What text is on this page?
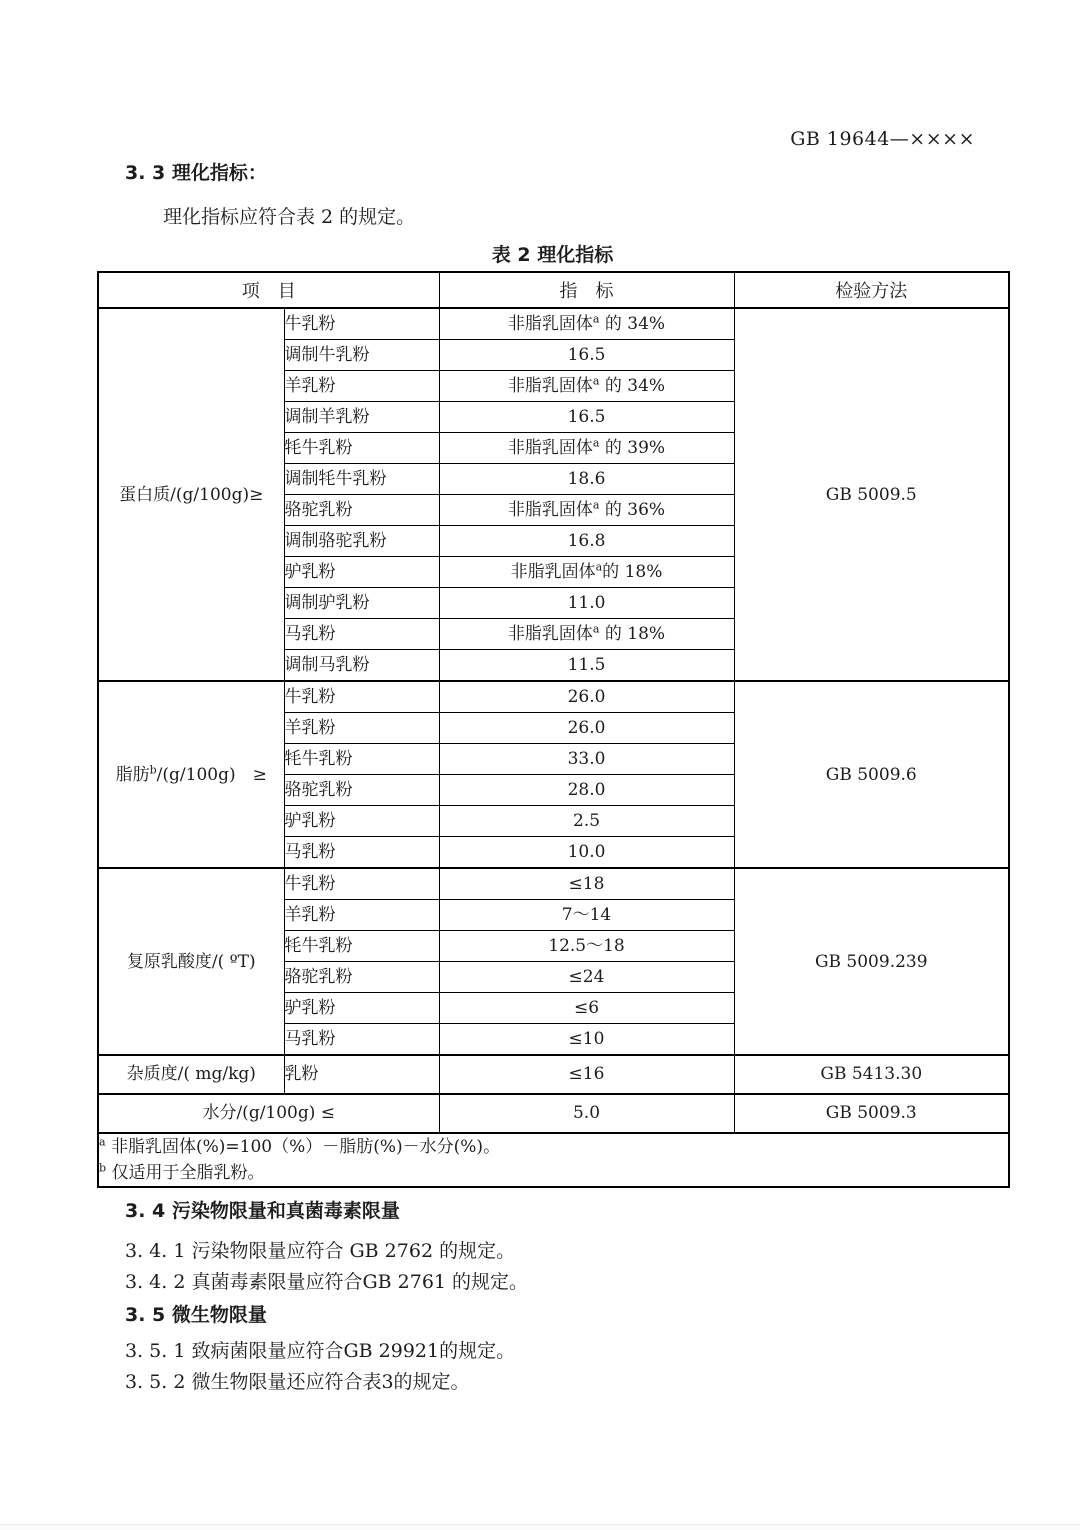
GB 19644—××××
3. 3 理化指标：
理化指标应符合表 2 的规定。
表 2 理化指标
项　目		指　标	检验方法
蛋白质/(g/100g)≥	牛乳粉	非脂乳固体$^a$ 的 34%	GB 5009.5
	调制牛乳粉	16.5	
	羊乳粉	非脂乳固体$^a$ 的 34%	
	调制羊乳粉	16.5	
	牦牛乳粉	非脂乳固体$^a$ 的 39%	
	调制牦牛乳粉	18.6	
	骆驼乳粉	非脂乳固体$^a$ 的 36%	
	调制骆驼乳粉	16.8	
	驴乳粉	非脂乳固体$^a$的 18%	
	调制驴乳粉	11.0	
	马乳粉	非脂乳固体$^a$ 的 18%	
	调制马乳粉	11.5	
脂肪$^b$/(g/100g)　≥	牛乳粉	26.0	GB 5009.6
	羊乳粉	26.0	
	牦牛乳粉	33.0	
	骆驼乳粉	28.0	
	驴乳粉	2.5	
	马乳粉	10.0	
复原乳酸度/( ºT)	牛乳粉	≤18	GB 5009.239
	羊乳粉	7～14	
	牦牛乳粉	12.5～18	
	骆驼乳粉	≤24	
	驴乳粉	≤6	
	马乳粉	≤10	
杂质度/( mg/kg)	乳粉	≤16	GB 5413.30
水分/(g/100g) ≤		5.0	GB 5009.3

$^a$ 非脂乳固体(%)=100（%）－脂肪(%)－水分(%)。
$^b$ 仅适用于全脂乳粉。			
3. 4 污染物限量和真菌毒素限量
3. 4. 1 污染物限量应符合 GB 2762 的规定。
3. 4. 2 真菌毒素限量应符合GB 2761 的规定。
3. 5 微生物限量
3. 5. 1 致病菌限量应符合GB 29921的规定。
3. 5. 2 微生物限量还应符合表3的规定。
